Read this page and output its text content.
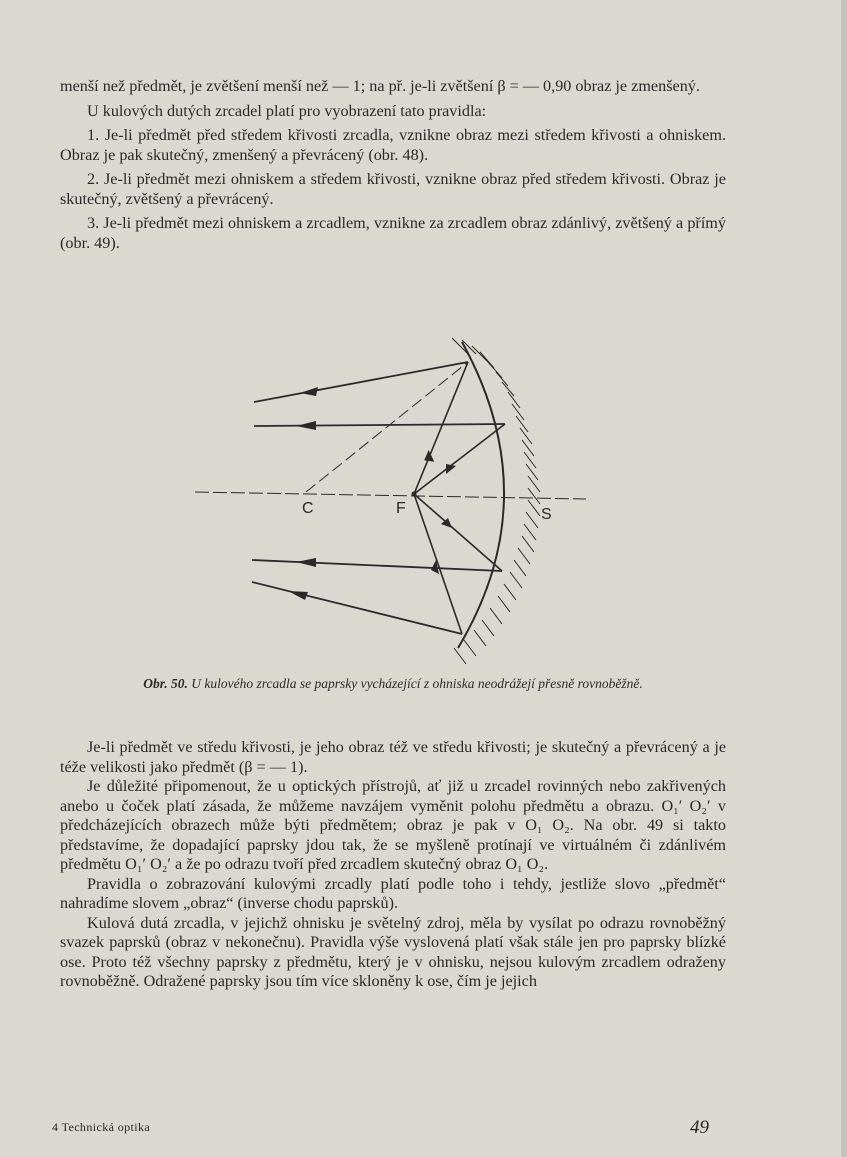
menší než předmět, je zvětšení menší než — 1; na př. je-li zvětšení β = — 0,90 obraz je zmenšený.

U kulových dutých zrcadel platí pro vyobrazení tato pravidla:

1. Je-li předmět před středem křivosti zrcadla, vznikne obraz mezi středem křivosti a ohniskem. Obraz je pak skutečný, zmenšený a převrácený (obr. 48).

2. Je-li předmět mezi ohniskem a středem křivosti, vznikne obraz před středem křivosti. Obraz je skutečný, zvětšený a převrácený.

3. Je-li předmět mezi ohniskem a zrcadlem, vznikne za zrcadlem obraz zdánlivý, zvětšený a přímý (obr. 49).

C	F	S
Obr. 50. U kulového zrcadla se paprsky vycházející z ohniska neodrážejí přesně rovnoběžně.

Je-li předmět ve středu křivosti, je jeho obraz též ve středu křivosti; je skutečný a převrácený a je téže velikosti jako předmět (β = — 1).

Je důležité připomenout, že u optických přístrojů, ať již u zrcadel rovinných nebo zakřivených anebo u čoček platí zásada, že můžeme navzájem vyměnit polohu předmětu a obrazu. O₁′ O₂′ v předcházejících obrazech může býti předmětem; obraz je pak v O₁ O₂. Na obr. 49 si takto představíme, že dopadající paprsky jdou tak, že se myšleně protínají ve virtuálném či zdánlivém předmětu O₁′ O₂′ a že po odrazu tvoří před zrcadlem skutečný obraz O₁ O₂.

Pravidla o zobrazování kulovými zrcadly platí podle toho i tehdy, jestliže slovo „předmět“ nahradíme slovem „obraz“ (inverse chodu paprsků).

Kulová dutá zrcadla, v jejichž ohnisku je světelný zdroj, měla by vysílat po odrazu rovnoběžný svazek paprsků (obraz v nekonečnu). Pravidla výše vyslovená platí však stále jen pro paprsky blízké ose. Proto též všechny paprsky z předmětu, který je v ohnisku, nejsou kulovým zrcadlem odraženy rovnoběžně. Odražené paprsky jsou tím více skloněny k ose, čím je jejich

4 Technická optika	49
